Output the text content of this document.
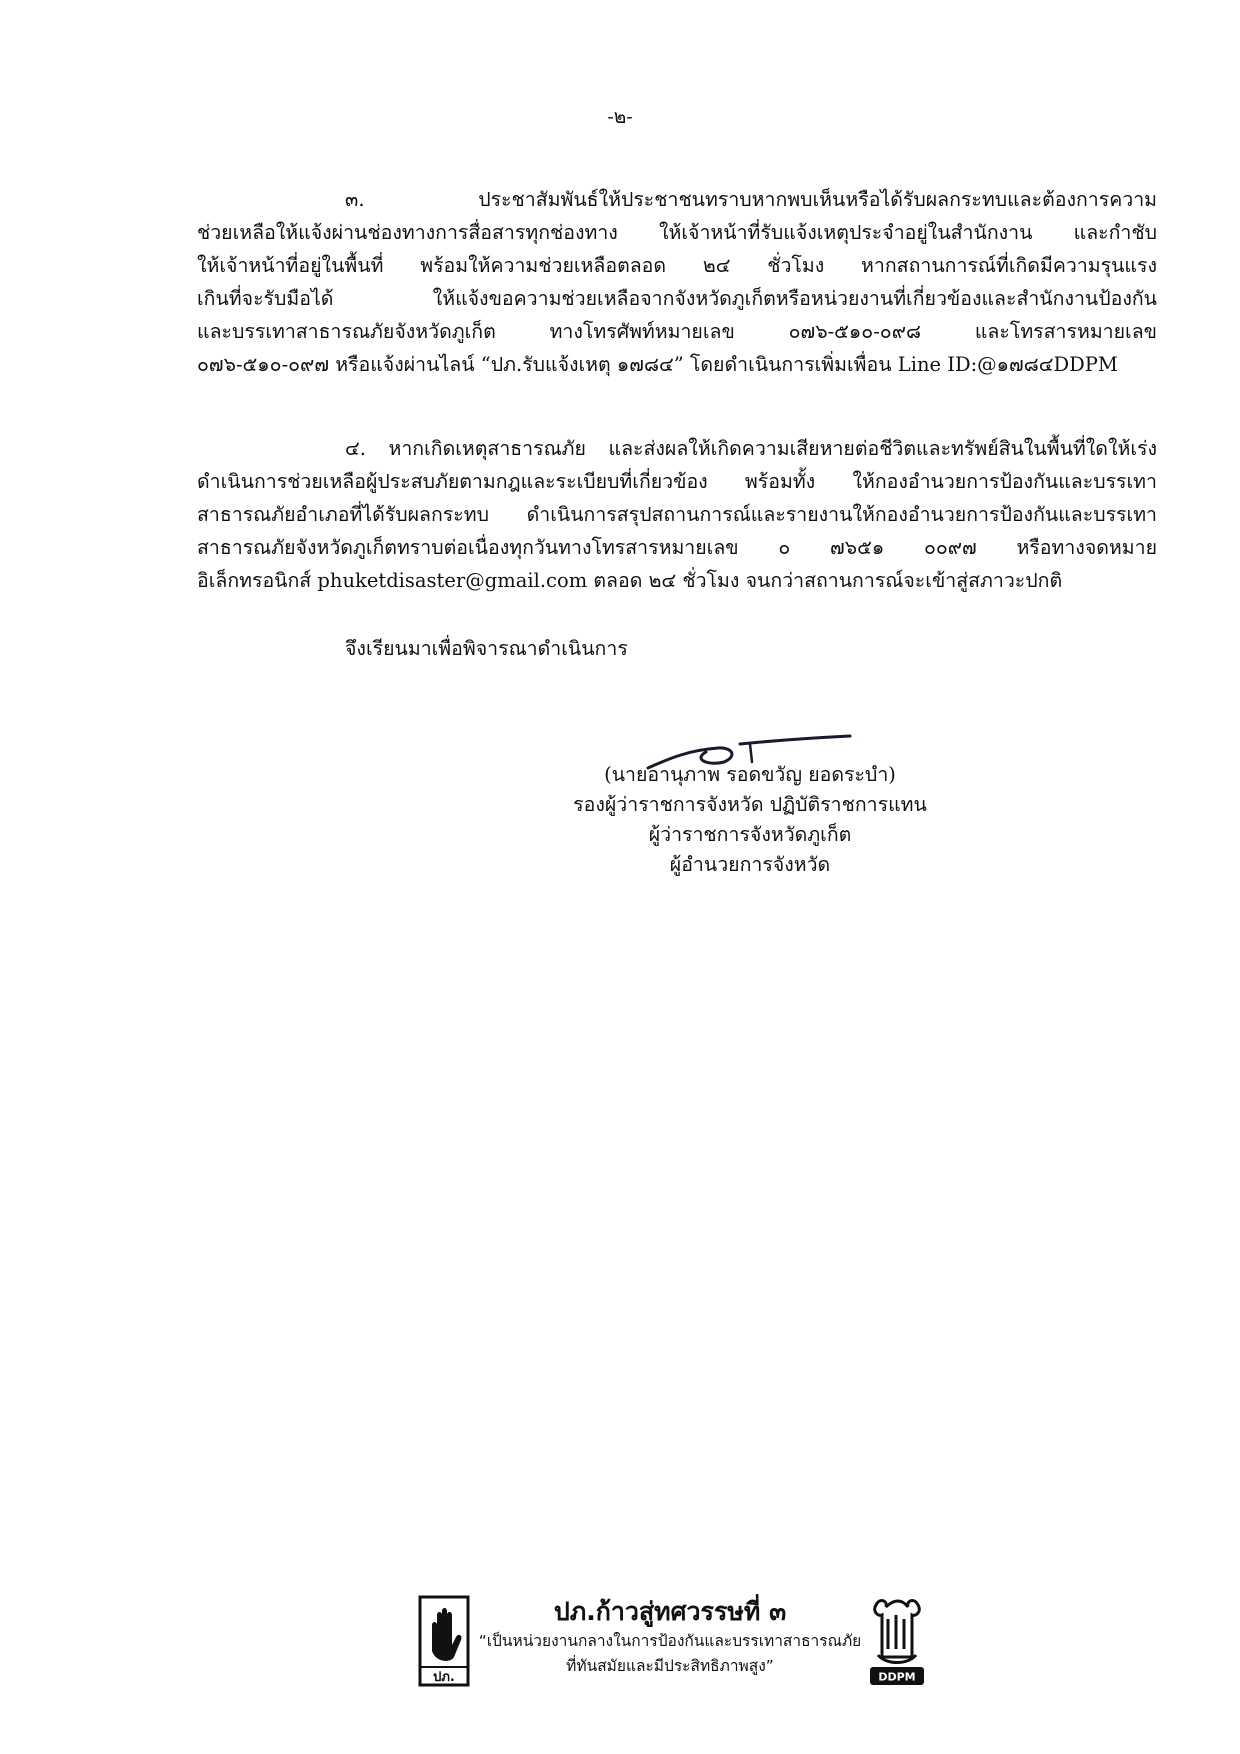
-๒-

๓. ประชาสัมพันธ์ให้ประชาชนทราบหากพบเห็นหรือได้รับผลกระทบและต้องการความ
ช่วยเหลือให้แจ้งผ่านช่องทางการสื่อสารทุกช่องทาง ให้เจ้าหน้าที่รับแจ้งเหตุประจำอยู่ในสำนักงาน และกำชับ
ให้เจ้าหน้าที่อยู่ในพื้นที่ พร้อมให้ความช่วยเหลือตลอด ๒๔ ชั่วโมง หากสถานการณ์ที่เกิดมีความรุนแรง
เกินที่จะรับมือได้ ให้แจ้งขอความช่วยเหลือจากจังหวัดภูเก็ตหรือหน่วยงานที่เกี่ยวข้องและสำนักงานป้องกัน
และบรรเทาสาธารณภัยจังหวัดภูเก็ต ทางโทรศัพท์หมายเลข ๐๗๖-๕๑๐-๐๙๘ และโทรสารหมายเลข
๐๗๖-๕๑๐-๐๙๗ หรือแจ้งผ่านไลน์ “ปภ.รับแจ้งเหตุ ๑๗๘๔” โดยดำเนินการเพิ่มเพื่อน Line ID:@๑๗๘๔DDPM

๔. หากเกิดเหตุสาธารณภัย และส่งผลให้เกิดความเสียหายต่อชีวิตและทรัพย์สินในพื้นที่ใดให้เร่ง
ดำเนินการช่วยเหลือผู้ประสบภัยตามกฎและระเบียบที่เกี่ยวข้อง พร้อมทั้ง ให้กองอำนวยการป้องกันและบรรเทา
สาธารณภัยอำเภอที่ได้รับผลกระทบ ดำเนินการสรุปสถานการณ์และรายงานให้กองอำนวยการป้องกันและบรรเทา
สาธารณภัยจังหวัดภูเก็ตทราบต่อเนื่องทุกวันทางโทรสารหมายเลข ๐ ๗๖๕๑ ๐๐๙๗ หรือทางจดหมาย
อิเล็กทรอนิกส์ phuketdisaster@gmail.com ตลอด ๒๔ ชั่วโมง จนกว่าสถานการณ์จะเข้าสู่สภาวะปกติ

จึงเรียนมาเพื่อพิจารณาดำเนินการ
(นายอานุภาพ รอดขวัญ ยอดระบำ)
รองผู้ว่าราชการจังหวัด ปฏิบัติราชการแทน
ผู้ว่าราชการจังหวัดภูเก็ต
ผู้อำนวยการจังหวัด
ปภ.
ปภ.ก้าวสู่ทศวรรษที่ ๓
“เป็นหน่วยงานกลางในการป้องกันและบรรเทาสาธารณภัย
ที่ทันสมัยและมีประสิทธิภาพสูง”
DDPM
